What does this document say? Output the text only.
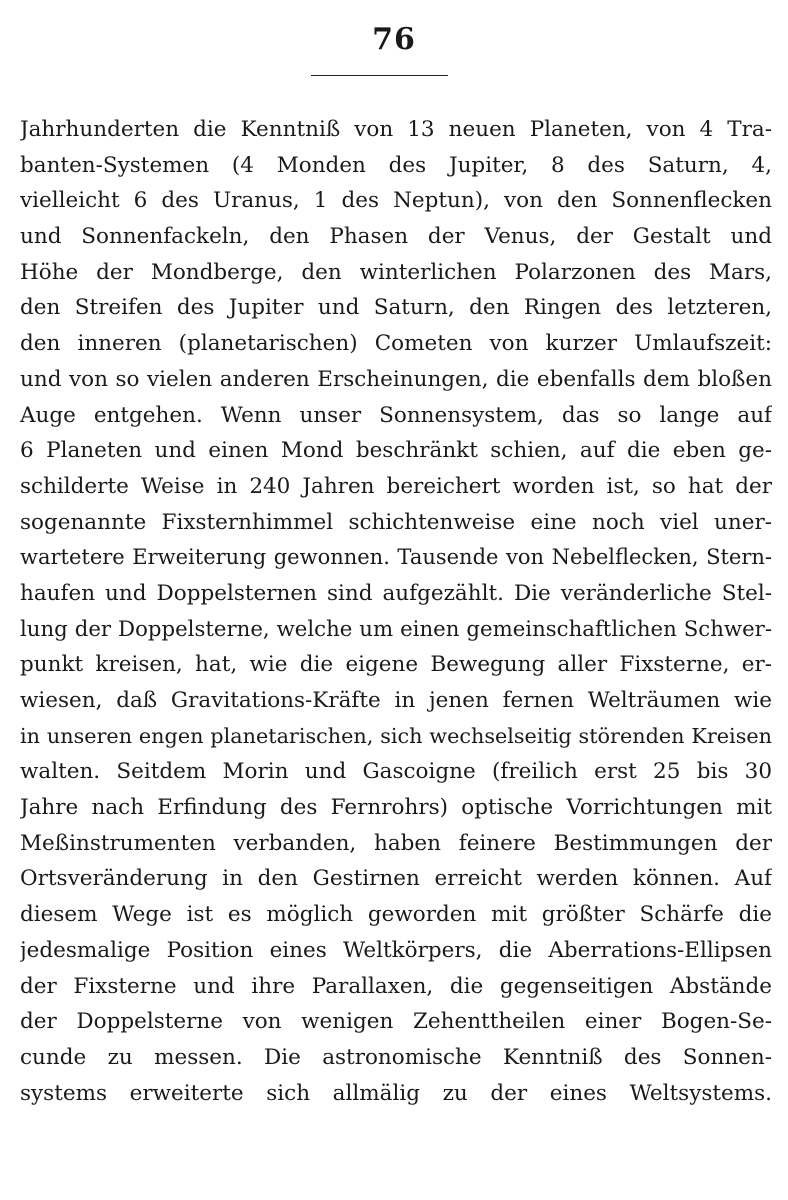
76
Jahrhunderten die Kenntniß von 13 neuen Planeten, von 4 Tra-
banten-Systemen (4 Monden des Jupiter, 8 des Saturn, 4,
vielleicht 6 des Uranus, 1 des Neptun), von den Sonnenflecken
und Sonnenfackeln, den Phasen der Venus, der Gestalt und
Höhe der Mondberge, den winterlichen Polarzonen des Mars,
den Streifen des Jupiter und Saturn, den Ringen des letzteren,
den inneren (planetarischen) Cometen von kurzer Umlaufszeit:
und von so vielen anderen Erscheinungen, die ebenfalls dem bloßen
Auge entgehen. Wenn unser Sonnensystem, das so lange auf
6 Planeten und einen Mond beschränkt schien, auf die eben ge-
schilderte Weise in 240 Jahren bereichert worden ist, so hat der
sogenannte Fixsternhimmel schichtenweise eine noch viel uner-
wartetere Erweiterung gewonnen. Tausende von Nebelflecken, Stern-
haufen und Doppelsternen sind aufgezählt. Die veränderliche Stel-
lung der Doppelsterne, welche um einen gemeinschaftlichen Schwer-
punkt kreisen, hat, wie die eigene Bewegung aller Fixsterne, er-
wiesen, daß Gravitations-Kräfte in jenen fernen Welträumen wie
in unseren engen planetarischen, sich wechselseitig störenden Kreisen
walten. Seitdem Morin und Gascoigne (freilich erst 25 bis 30
Jahre nach Erfindung des Fernrohrs) optische Vorrichtungen mit
Meßinstrumenten verbanden, haben feinere Bestimmungen der
Ortsveränderung in den Gestirnen erreicht werden können. Auf
diesem Wege ist es möglich geworden mit größter Schärfe die
jedesmalige Position eines Weltkörpers, die Aberrations-Ellipsen
der Fixsterne und ihre Parallaxen, die gegenseitigen Abstände
der Doppelsterne von wenigen Zehenttheilen einer Bogen-Se-
cunde zu messen. Die astronomische Kenntniß des Sonnen-
systems erweiterte sich allmälig zu der eines Weltsystems.
